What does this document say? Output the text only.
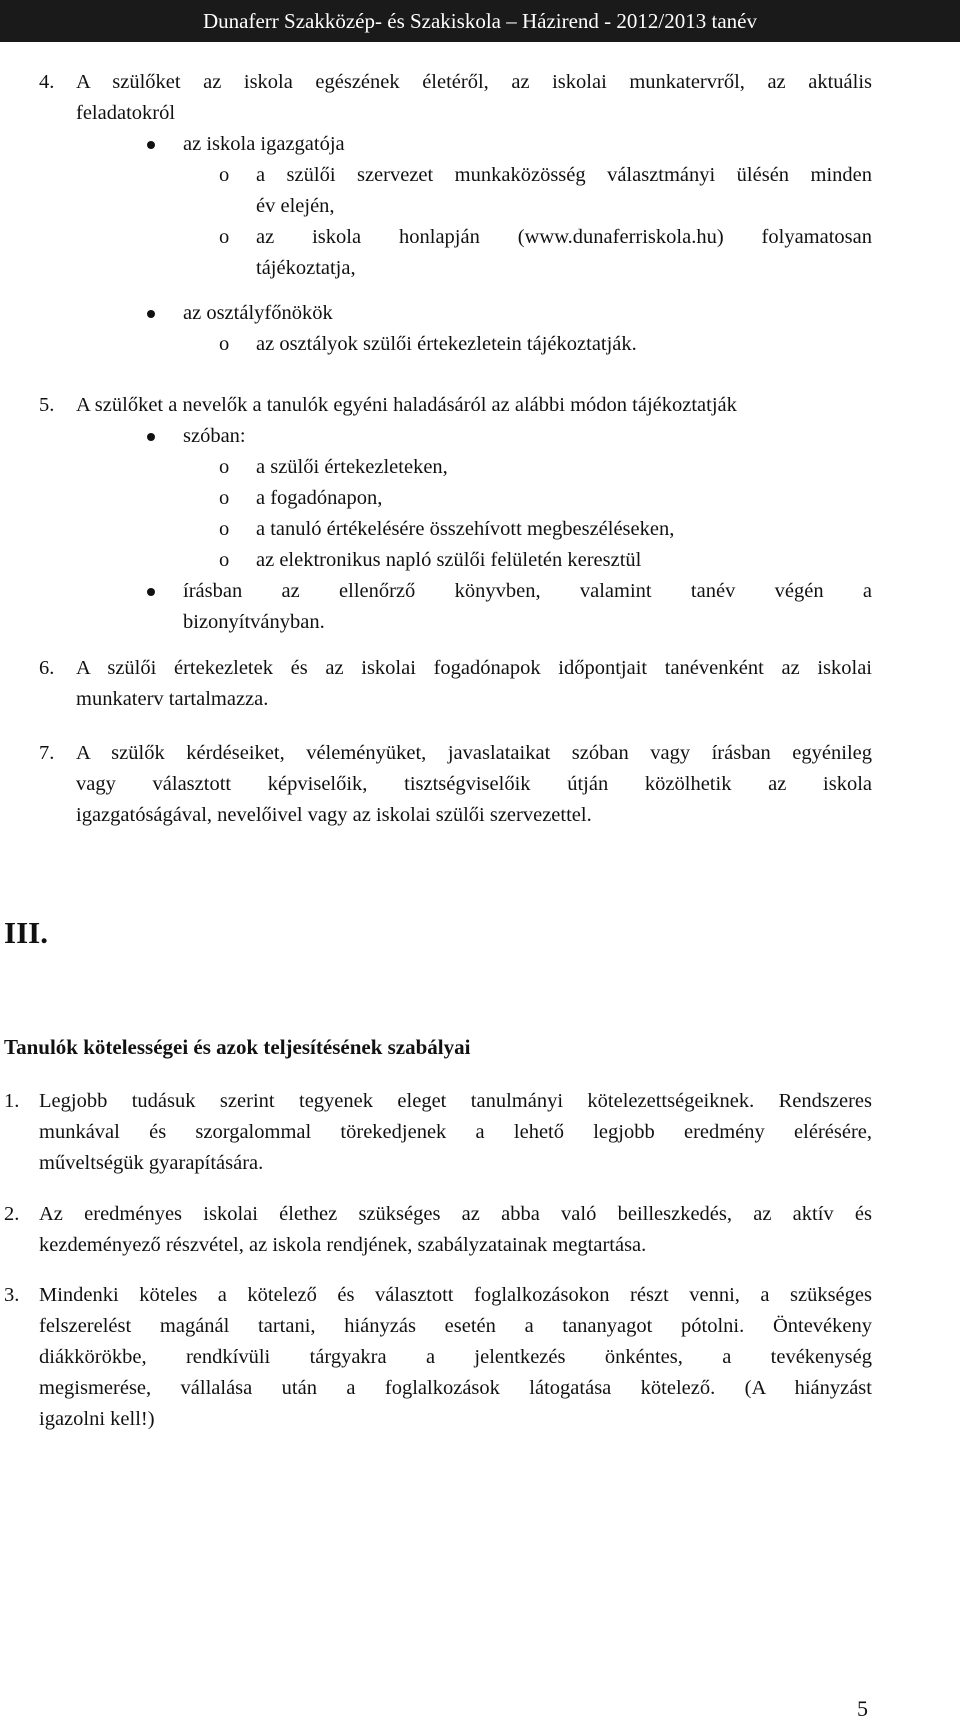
Dunaferr Szakközép- és Szakiskola – Házirend - 2012/2013 tanév
4. A szülőket az iskola egészének életéről, az iskolai munkatervről, az aktuális
feladatokról
az iskola igazgatója
o a szülői szervezet munkaközösség választmányi ülésén minden
év elején,
o az iskola honlapján (www.dunaferriskola.hu) folyamatosan
tájékoztatja,
az osztályfőnökök
o az osztályok szülői értekezletein tájékoztatják.
5. A szülőket a nevelők a tanulók egyéni haladásáról az alábbi módon tájékoztatják
szóban:
o a szülői értekezleteken,
o a fogadónapon,
o a tanuló értékelésére összehívott megbeszéléseken,
o az elektronikus napló szülői felületén keresztül
írásban az ellenőrző könyvben, valamint tanév végén a
bizonyítványban.
6. A szülői értekezletek és az iskolai fogadónapok időpontjait tanévenként az iskolai
munkaterv tartalmazza.
7. A szülők kérdéseiket, véleményüket, javaslataikat szóban vagy írásban egyénileg
vagy választott képviselőik, tisztségviselőik útján közölhetik az iskola
igazgatóságával, nevelőivel vagy az iskolai szülői szervezettel.
III.
Tanulók kötelességei és azok teljesítésének szabályai
1. Legjobb tudásuk szerint tegyenek eleget tanulmányi kötelezettségeiknek. Rendszeres
munkával és szorgalommal törekedjenek a lehető legjobb eredmény elérésére,
műveltségük gyarapítására.
2. Az eredményes iskolai élethez szükséges az abba való beilleszkedés, az aktív és
kezdeményező részvétel, az iskola rendjének, szabályzatainak megtartása.
3. Mindenki köteles a kötelező és választott foglalkozásokon részt venni, a szükséges
felszerelést magánál tartani, hiányzás esetén a tananyagot pótolni. Öntevékeny
diákkörökbe, rendkívüli tárgyakra a jelentkezés önkéntes, a tevékenység
megismerése, vállalása után a foglalkozások látogatása kötelező. (A hiányzást
igazolni kell!)
5
